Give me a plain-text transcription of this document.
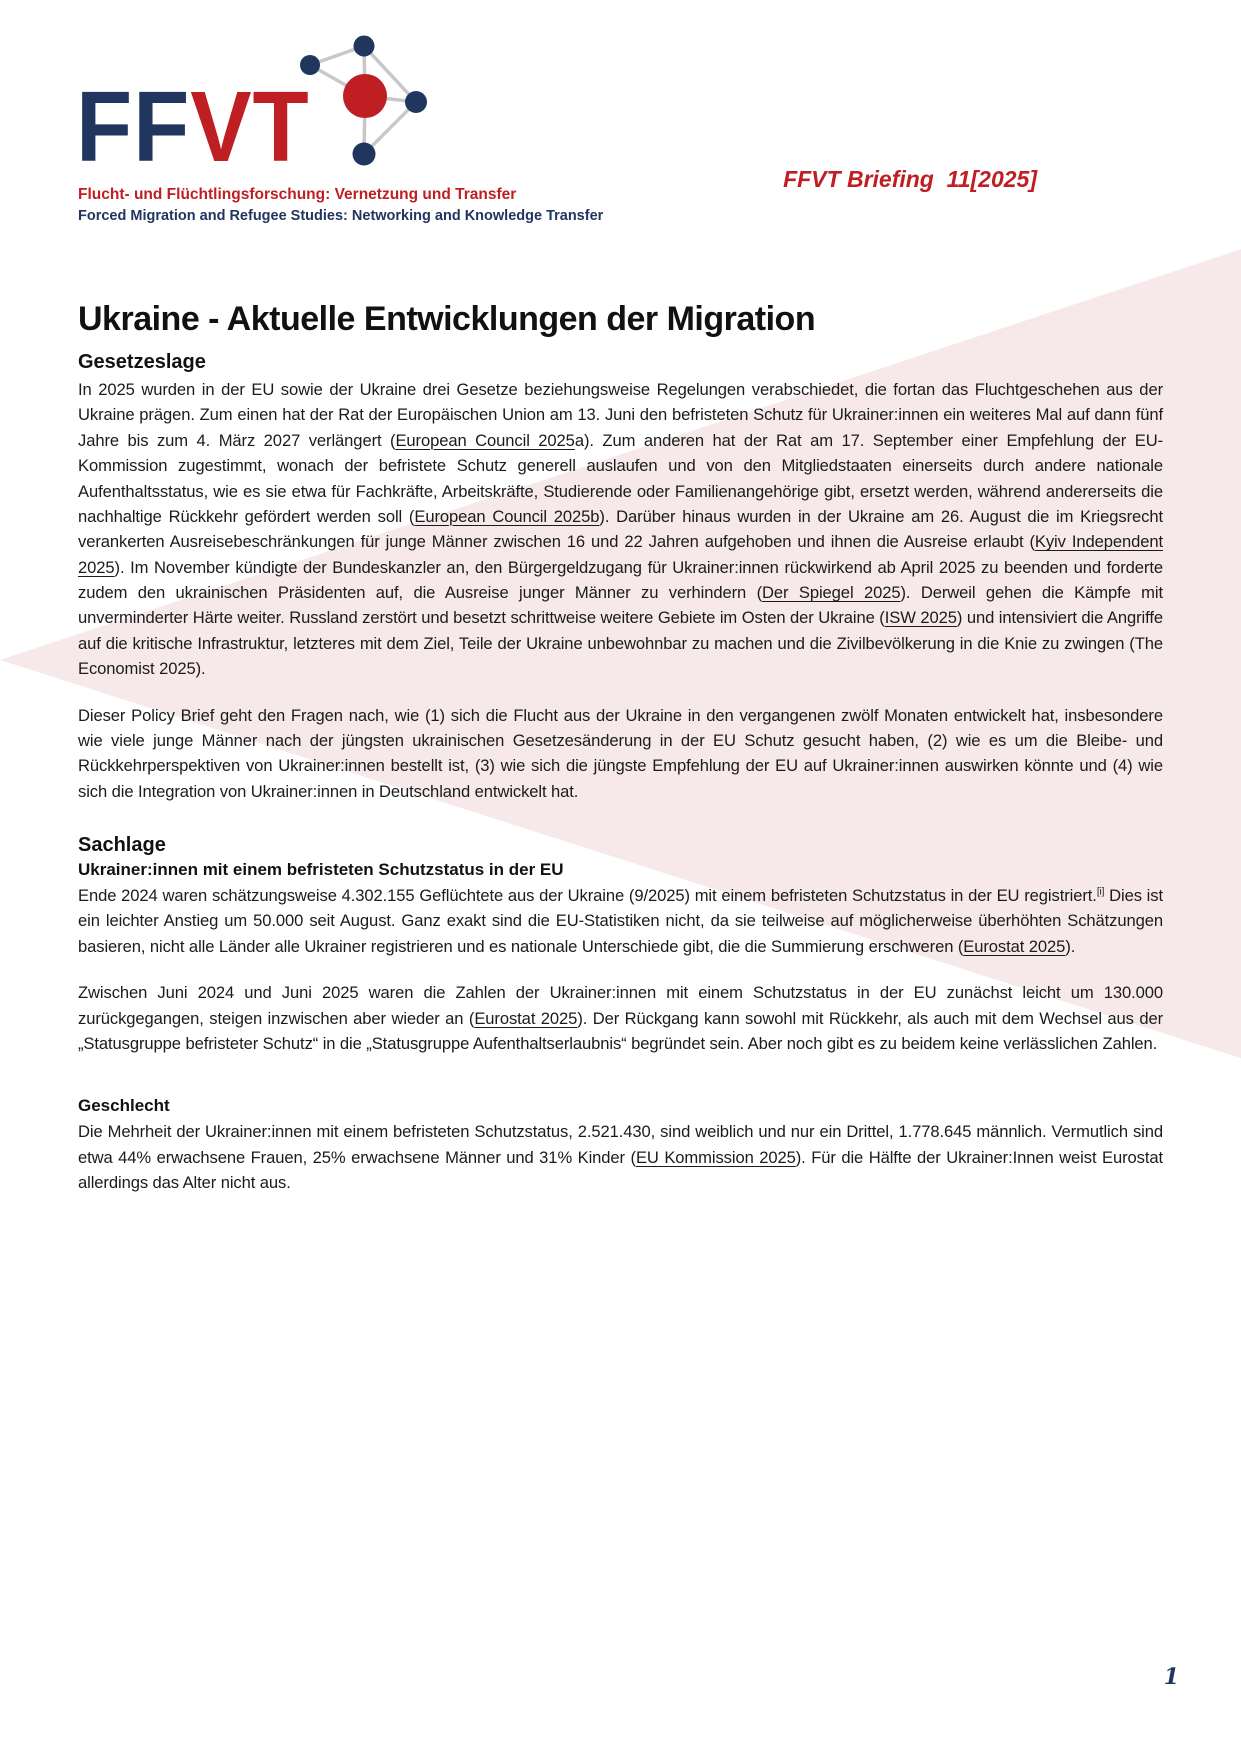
FFVT
Flucht- und Flüchtlingsforschung: Vernetzung und Transfer
Forced Migration and Refugee Studies: Networking and Knowledge Transfer
FFVT Briefing  11[2025]
Ukraine - Aktuelle Entwicklungen der Migration
Gesetzeslage

In 2025 wurden in der EU sowie der Ukraine drei Gesetze beziehungsweise Regelungen verabschiedet, die fortan das Fluchtgeschehen aus der Ukraine prägen. Zum einen hat der Rat der Europäischen Union am 13. Juni den befristeten Schutz für Ukrainer:innen ein weiteres Mal auf dann fünf Jahre bis zum 4. März 2027 verlängert (European Council 2025a). Zum anderen hat der Rat am 17. September einer Empfehlung der EU-Kommission zugestimmt, wonach der befristete Schutz generell auslaufen und von den Mitgliedstaaten einerseits durch andere nationale Aufenthaltsstatus, wie es sie etwa für Fachkräfte, Arbeitskräfte, Studierende oder Familienangehörige gibt, ersetzt werden, während andererseits die nachhaltige Rückkehr gefördert werden soll (European Council 2025b). Darüber hinaus wurden in der Ukraine am 26. August die im Kriegsrecht verankerten Ausreisebeschränkungen für junge Männer zwischen 16 und 22 Jahren aufgehoben und ihnen die Ausreise erlaubt (Kyiv Independent 2025). Im November kündigte der Bundeskanzler an, den Bürgergeldzugang für Ukrainer:innen rückwirkend ab April 2025 zu beenden und forderte zudem den ukrainischen Präsidenten auf, die Ausreise junger Männer zu verhindern (Der Spiegel 2025). Derweil gehen die Kämpfe mit unverminderter Härte weiter. Russland zerstört und besetzt schrittweise weitere Gebiete im Osten der Ukraine (ISW 2025) und intensiviert die Angriffe auf die kritische Infrastruktur, letzteres mit dem Ziel, Teile der Ukraine unbewohnbar zu machen und die Zivilbevölkerung in die Knie zu zwingen (The Economist 2025).

Dieser Policy Brief geht den Fragen nach, wie (1) sich die Flucht aus der Ukraine in den vergangenen zwölf Monaten entwickelt hat, insbesondere wie viele junge Männer nach der jüngsten ukrainischen Gesetzesänderung in der EU Schutz gesucht haben, (2) wie es um die Bleibe- und Rückkehrperspektiven von Ukrainer:innen bestellt ist, (3) wie sich die jüngste Empfehlung der EU auf Ukrainer:innen auswirken könnte und (4) wie sich die Integration von Ukrainer:innen in Deutschland entwickelt hat.

Sachlage
Ukrainer:innen mit einem befristeten Schutzstatus in der EU

Ende 2024 waren schätzungsweise 4.302.155 Geflüchtete aus der Ukraine (9/2025) mit einem befristeten Schutzstatus in der EU registriert.[i] Dies ist ein leichter Anstieg um 50.000 seit August. Ganz exakt sind die EU-Statistiken nicht, da sie teilweise auf möglicherweise überhöhten Schätzungen basieren, nicht alle Länder alle Ukrainer registrieren und es nationale Unterschiede gibt, die die Summierung erschweren (Eurostat 2025).

Zwischen Juni 2024 und Juni 2025 waren die Zahlen der Ukrainer:innen mit einem Schutzstatus in der EU zunächst leicht um 130.000 zurückgegangen, steigen inzwischen aber wieder an (Eurostat 2025). Der Rückgang kann sowohl mit Rückkehr, als auch mit dem Wechsel aus der „Statusgruppe befristeter Schutz“ in die „Statusgruppe Aufenthaltserlaubnis“ begründet sein. Aber noch gibt es zu beidem keine verlässlichen Zahlen.

Geschlecht

Die Mehrheit der Ukrainer:innen mit einem befristeten Schutzstatus, 2.521.430, sind weiblich und nur ein Drittel, 1.778.645 männlich. Vermutlich sind etwa 44% erwachsene Frauen, 25% erwachsene Männer und 31% Kinder (EU Kommission 2025). Für die Hälfte der Ukrainer:Innen weist Eurostat allerdings das Alter nicht aus.

1
